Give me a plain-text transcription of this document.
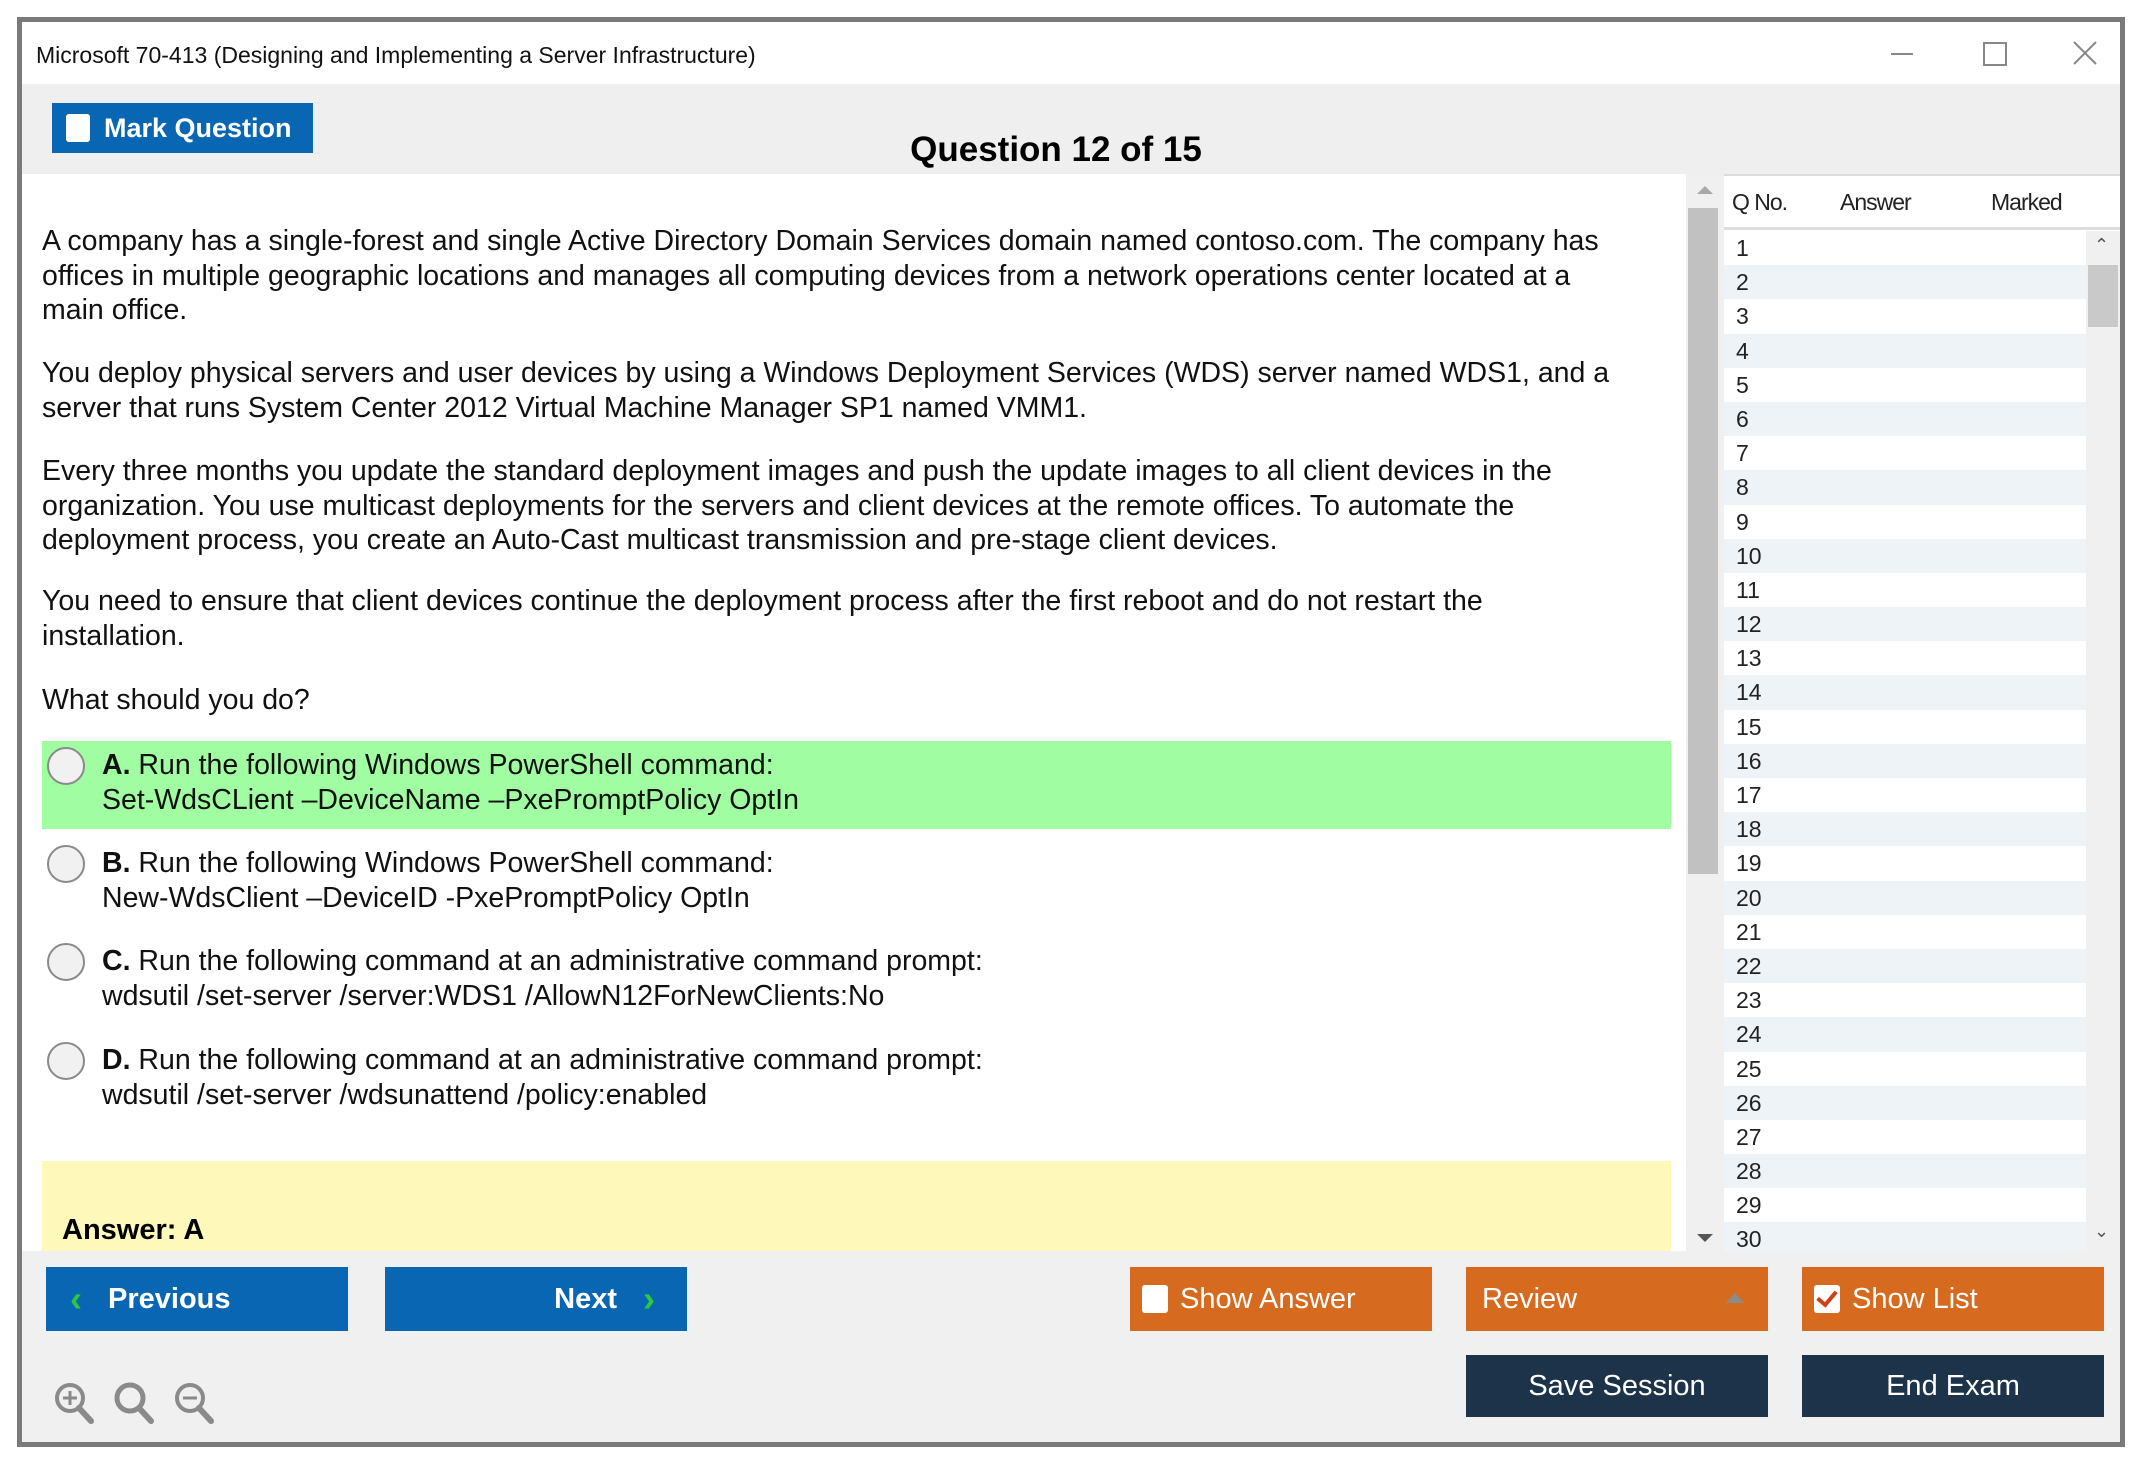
Microsoft 70-413 (Designing and Implementing a Server Infrastructure)
Mark Question
Question 12 of 15
A company has a single-forest and single Active Directory Domain Services domain named contoso.com. The company has
offices in multiple geographic locations and manages all computing devices from a network operations center located at a
main office.
You deploy physical servers and user devices by using a Windows Deployment Services (WDS) server named WDS1, and a
server that runs System Center 2012 Virtual Machine Manager SP1 named VMM1.
Every three months you update the standard deployment images and push the update images to all client devices in the
organization. You use multicast deployments for the servers and client devices at the remote offices. To automate the
deployment process, you create an Auto-Cast multicast transmission and pre-stage client devices.
You need to ensure that client devices continue the deployment process after the first reboot and do not restart the
installation.
What should you do?
A. Run the following Windows PowerShell command:
Set-WdsCLient –DeviceName –PxePromptPolicy OptIn
B. Run the following Windows PowerShell command:
New-WdsClient –DeviceID -PxePromptPolicy OptIn
C. Run the following command at an administrative command prompt:
wdsutil /set-server /server:WDS1 /AllowN12ForNewClients:No
D. Run the following command at an administrative command prompt:
wdsutil /set-server /wdsunattend /policy:enabled
Answer: A
Q No. Answer	Marked
1
2
3
4
5
6
7
8
9
10
11
12
13
14
15
16
17
18
19
20
21
22
23
24
25
26
27
28
29
30
⌃
⌄
‹ Previous	Next ›	Show Answer	Review	Show List
Save Session	End Exam
